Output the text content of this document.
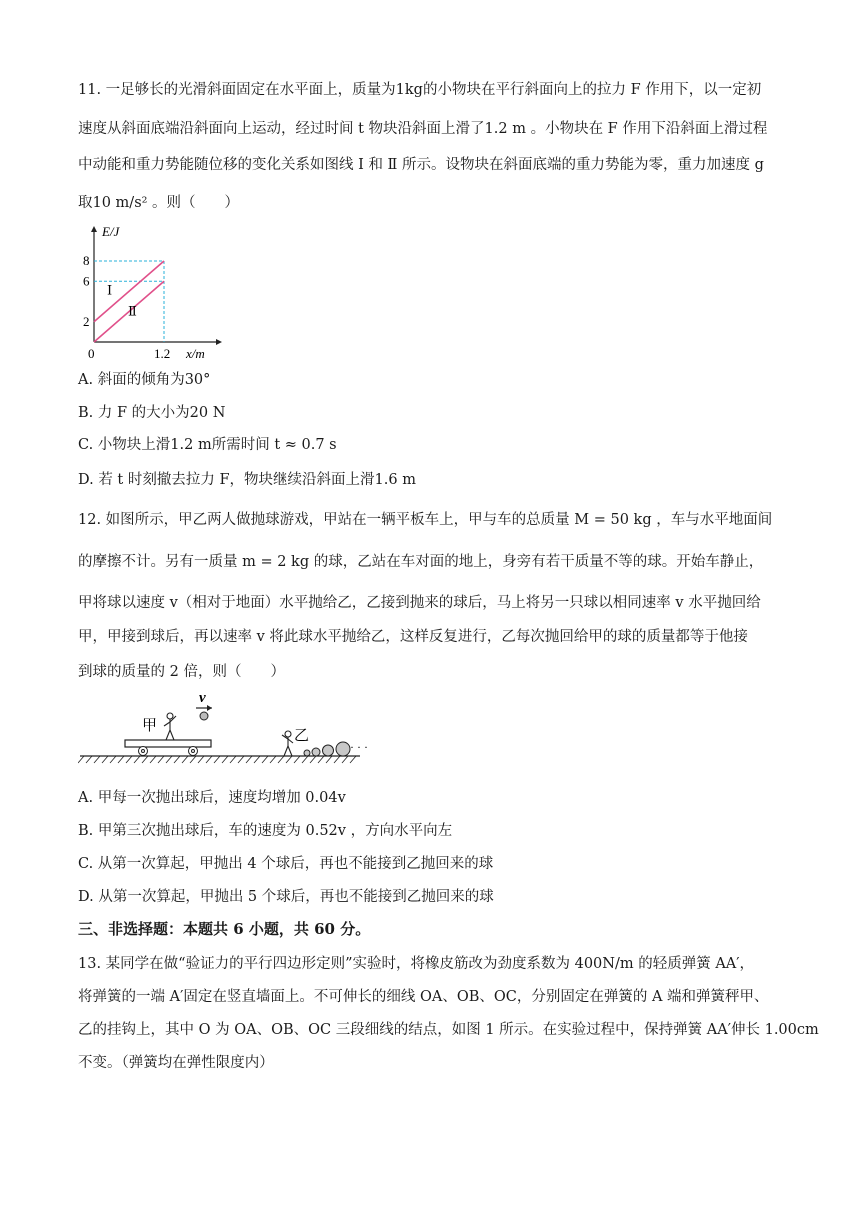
11. 一足够长的光滑斜面固定在水平面上，质量为1kg的小物块在平行斜面向上的拉力 F 作用下，以一定初
速度从斜面底端沿斜面向上运动，经过时间 t 物块沿斜面上滑了1.2 m 。小物块在 F 作用下沿斜面上滑过程
中动能和重力势能随位移的变化关系如图线 Ⅰ 和 Ⅱ 所示。设物块在斜面底端的重力势能为零，重力加速度 g
取10 m/s² 。则（　　）
E/J
x/m
8
6
2
0	1.2
Ⅰ
Ⅱ
A. 斜面的倾角为30°
B. 力 F 的大小为20 N
C. 小物块上滑1.2 m所需时间 t ≈ 0.7 s
D. 若 t 时刻撤去拉力 F，物块继续沿斜面上滑1.6 m
12. 如图所示，甲乙两人做抛球游戏，甲站在一辆平板车上，甲与车的总质量 M = 50 kg ，车与水平地面间
的摩擦不计。另有一质量 m = 2 kg 的球，乙站在车对面的地上，身旁有若干质量不等的球。开始车静止，
甲将球以速度 v（相对于地面）水平抛给乙，乙接到抛来的球后，马上将另一只球以相同速率 v 水平抛回给
甲，甲接到球后，再以速率 v 将此球水平抛给乙，这样反复进行，乙每次抛回给甲的球的质量都等于他接
到球的质量的 2 倍，则（　　）
甲
v
乙
· · ·
A. 甲每一次抛出球后，速度均增加 0.04v
B. 甲第三次抛出球后，车的速度为 0.52v ，方向水平向左
C. 从第一次算起，甲抛出 4 个球后，再也不能接到乙抛回来的球
D. 从第一次算起，甲抛出 5 个球后，再也不能接到乙抛回来的球
三、非选择题：本题共 6 小题，共 60 分。
13. 某同学在做“验证力的平行四边形定则”实验时，将橡皮筋改为劲度系数为 400N/m 的轻质弹簧 AA′，
将弹簧的一端 A′固定在竖直墙面上。不可伸长的细线 OA、OB、OC，分别固定在弹簧的 A 端和弹簧秤甲、
乙的挂钩上，其中 O 为 OA、OB、OC 三段细线的结点，如图 1 所示。在实验过程中，保持弹簧 AA′伸长 1.00cm
不变。（弹簧均在弹性限度内）
